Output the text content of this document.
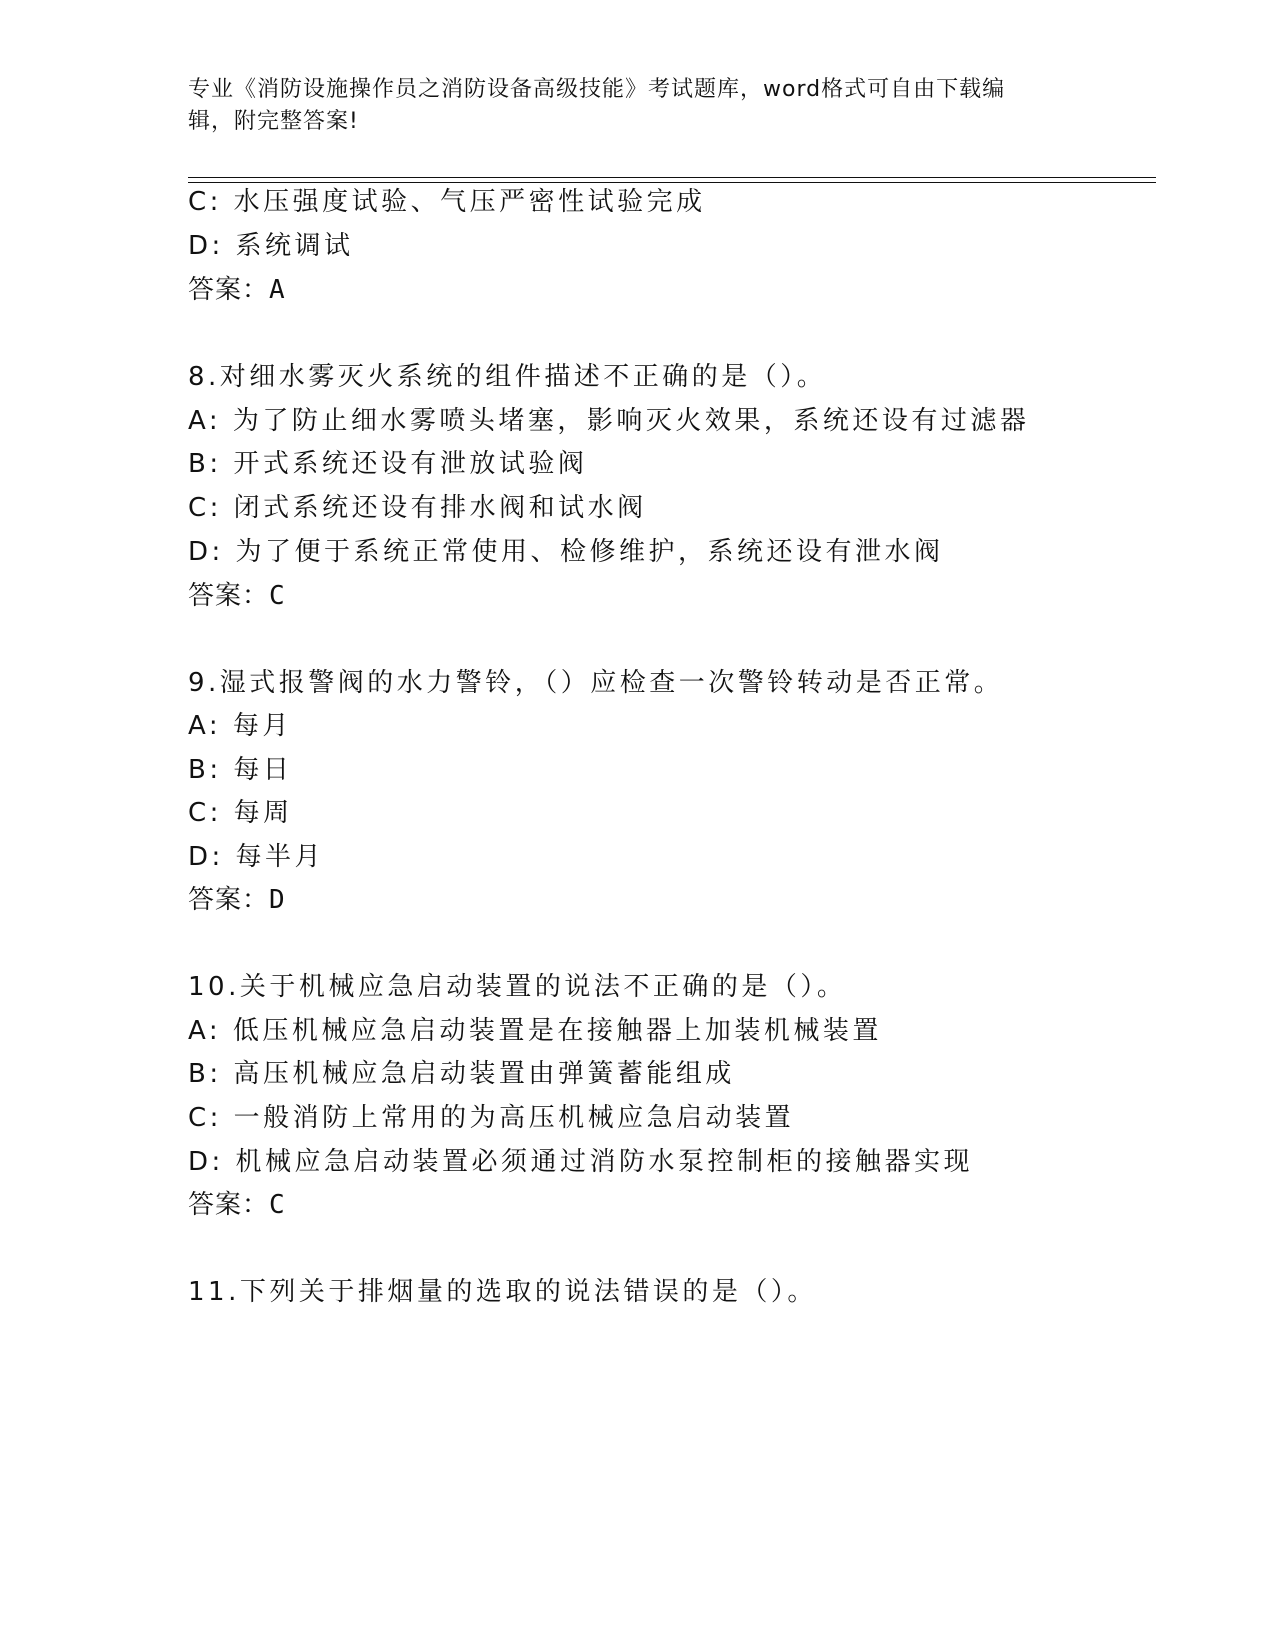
专业《消防设施操作员之消防设备高级技能》考试题库，word格式可自由下载编
辑，附完整答案!
C: 水压强度试验、气压严密性试验完成
D: 系统调试
答案：A
8.对细水雾灭火系统的组件描述不正确的是（）。
A: 为了防止细水雾喷头堵塞，影响灭火效果，系统还设有过滤器
B: 开式系统还设有泄放试验阀
C: 闭式系统还设有排水阀和试水阀
D: 为了便于系统正常使用、检修维护，系统还设有泄水阀
答案：C
9.湿式报警阀的水力警铃，（）应检查一次警铃转动是否正常。
A: 每月
B: 每日
C: 每周
D: 每半月
答案：D
10.关于机械应急启动装置的说法不正确的是（）。
A: 低压机械应急启动装置是在接触器上加装机械装置
B: 高压机械应急启动装置由弹簧蓄能组成
C: 一般消防上常用的为高压机械应急启动装置
D: 机械应急启动装置必须通过消防水泵控制柜的接触器实现
答案：C
11.下列关于排烟量的选取的说法错误的是（）。
